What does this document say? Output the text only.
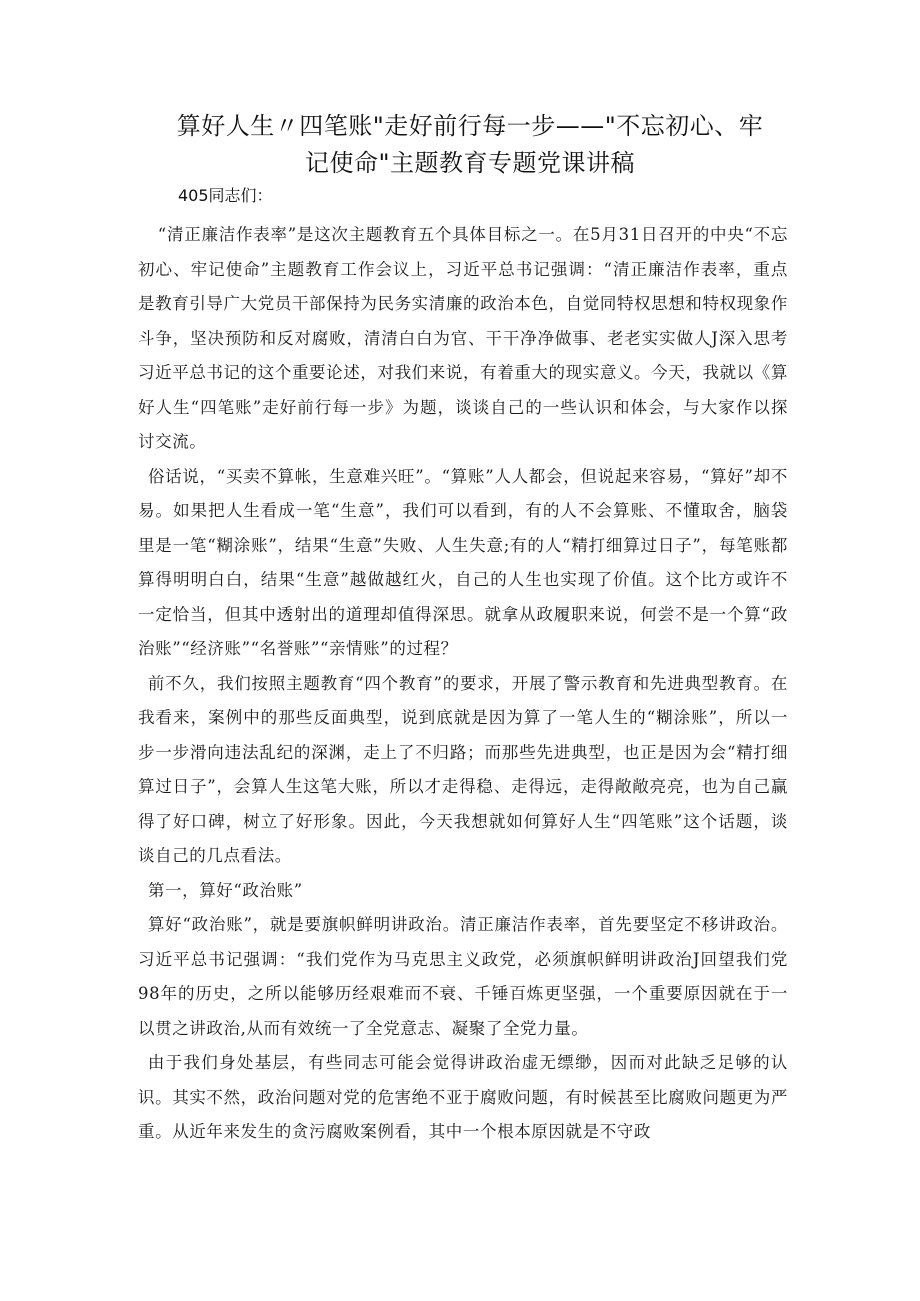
算好人生〃四笔账"走好前行每一步——"不忘初心、牢
记使命"主题教育专题党课讲稿

405同志们：

“清正廉洁作表率”是这次主题教育五个具体目标之一。在5月31日召开的中央“不忘初心、牢记使命”主题教育工作会议上，习近平总书记强调：“清正廉洁作表率，重点是教育引导广大党员干部保持为民务实清廉的政治本色，自觉同特权思想和特权现象作斗争，坚决预防和反对腐败，清清白白为官、干干净净做事、老老实实做人J深入思考习近平总书记的这个重要论述，对我们来说，有着重大的现实意义。今天，我就以《算好人生“四笔账”走好前行每一步》为题，谈谈自己的一些认识和体会，与大家作以探讨交流。

俗话说，“买卖不算帐，生意难兴旺”。“算账”人人都会，但说起来容易，“算好”却不易。如果把人生看成一笔“生意”，我们可以看到，有的人不会算账、不懂取舍，脑袋里是一笔“糊涂账”，结果“生意”失败、人生失意;有的人“精打细算过日子”，每笔账都算得明明白白，结果“生意”越做越红火，自己的人生也实现了价值。这个比方或许不一定恰当，但其中透射出的道理却值得深思。就拿从政履职来说，何尝不是一个算“政治账”“经济账”“名誉账”“亲情账”的过程？

前不久，我们按照主题教育“四个教育”的要求，开展了警示教育和先进典型教育。在我看来，案例中的那些反面典型，说到底就是因为算了一笔人生的“糊涂账”，所以一步一步滑向违法乱纪的深渊，走上了不归路；而那些先进典型，也正是因为会“精打细算过日子”，会算人生这笔大账，所以才走得稳、走得远，走得敞敞亮亮，也为自己赢得了好口碑，树立了好形象。因此，今天我想就如何算好人生“四笔账”这个话题，谈谈自己的几点看法。

第一，算好“政治账”

算好“政治账”，就是要旗帜鲜明讲政治。清正廉洁作表率，首先要坚定不移讲政治。习近平总书记强调：“我们党作为马克思主义政党，必须旗帜鲜明讲政治J回望我们党98年的历史，之所以能够历经艰难而不衰、千锤百炼更坚强，一个重要原因就在于一以贯之讲政治,从而有效统一了全党意志、凝聚了全党力量。

由于我们身处基层，有些同志可能会觉得讲政治虚无缥缈，因而对此缺乏足够的认识。其实不然，政治问题对党的危害绝不亚于腐败问题，有时候甚至比腐败问题更为严重。从近年来发生的贪污腐败案例看，其中一个根本原因就是不守政
